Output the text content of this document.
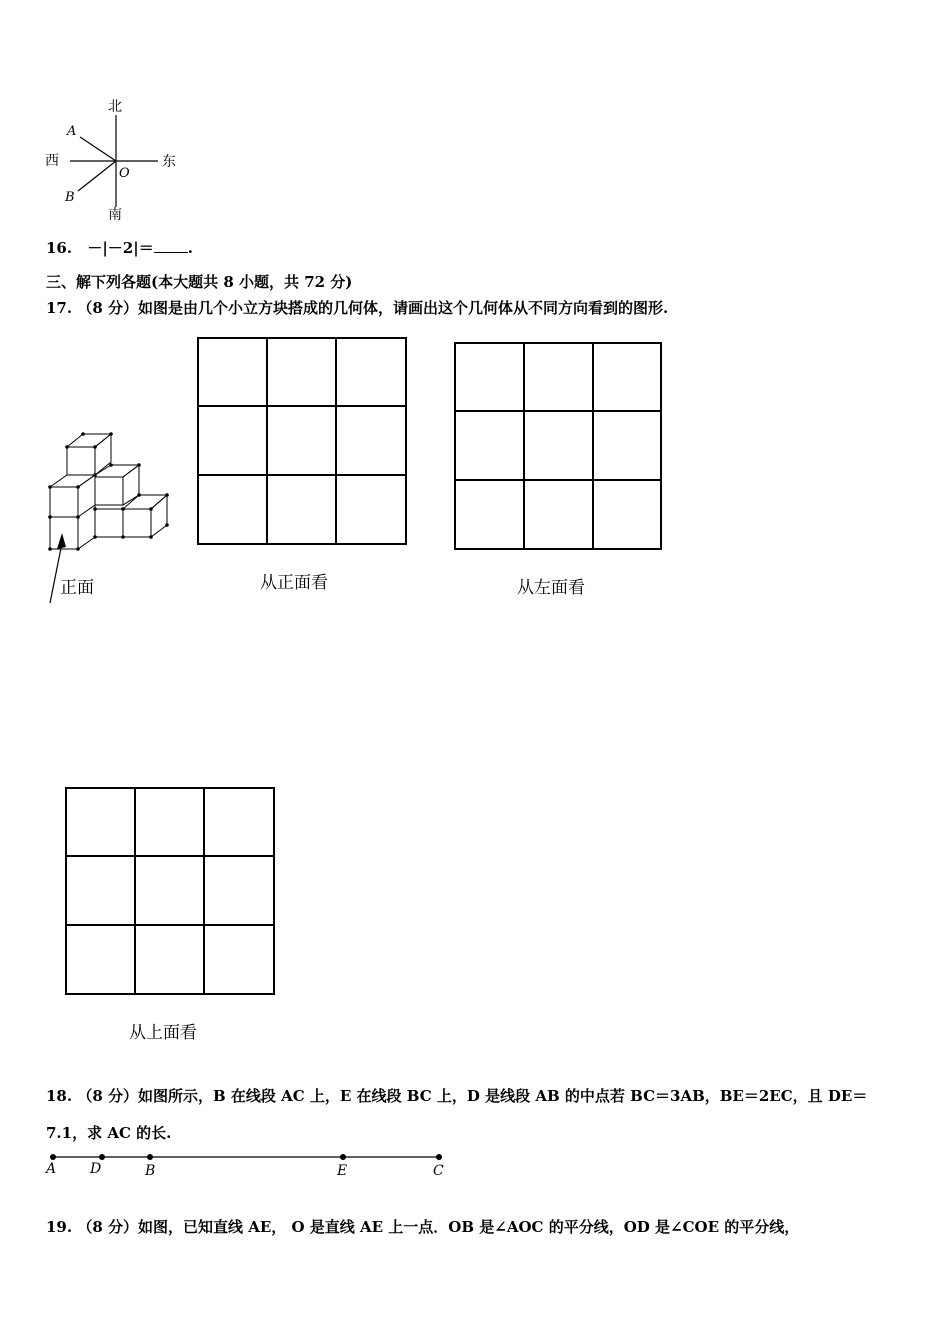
北
南
东
西
A
B
O
16. －|－2|＝ .
三、解下列各题(本大题共 8 小题，共 72 分)
17. （8 分）如图是由几个小立方块搭成的几何体，请画出这个几何体从不同方向看到的图形.
正面	从正面看	从左面看
从上面看
18. （8 分）如图所示，B 在线段 AC 上，E 在线段 BC 上，D 是线段 AB 的中点若 BC＝3AB，BE＝2EC，且 DE＝
7.1，求 AC 的长.
A D	B	E	C
19. （8 分）如图，已知直线 AE， O 是直线 AE 上一点．OB 是∠AOC 的平分线，OD 是∠COE 的平分线，
